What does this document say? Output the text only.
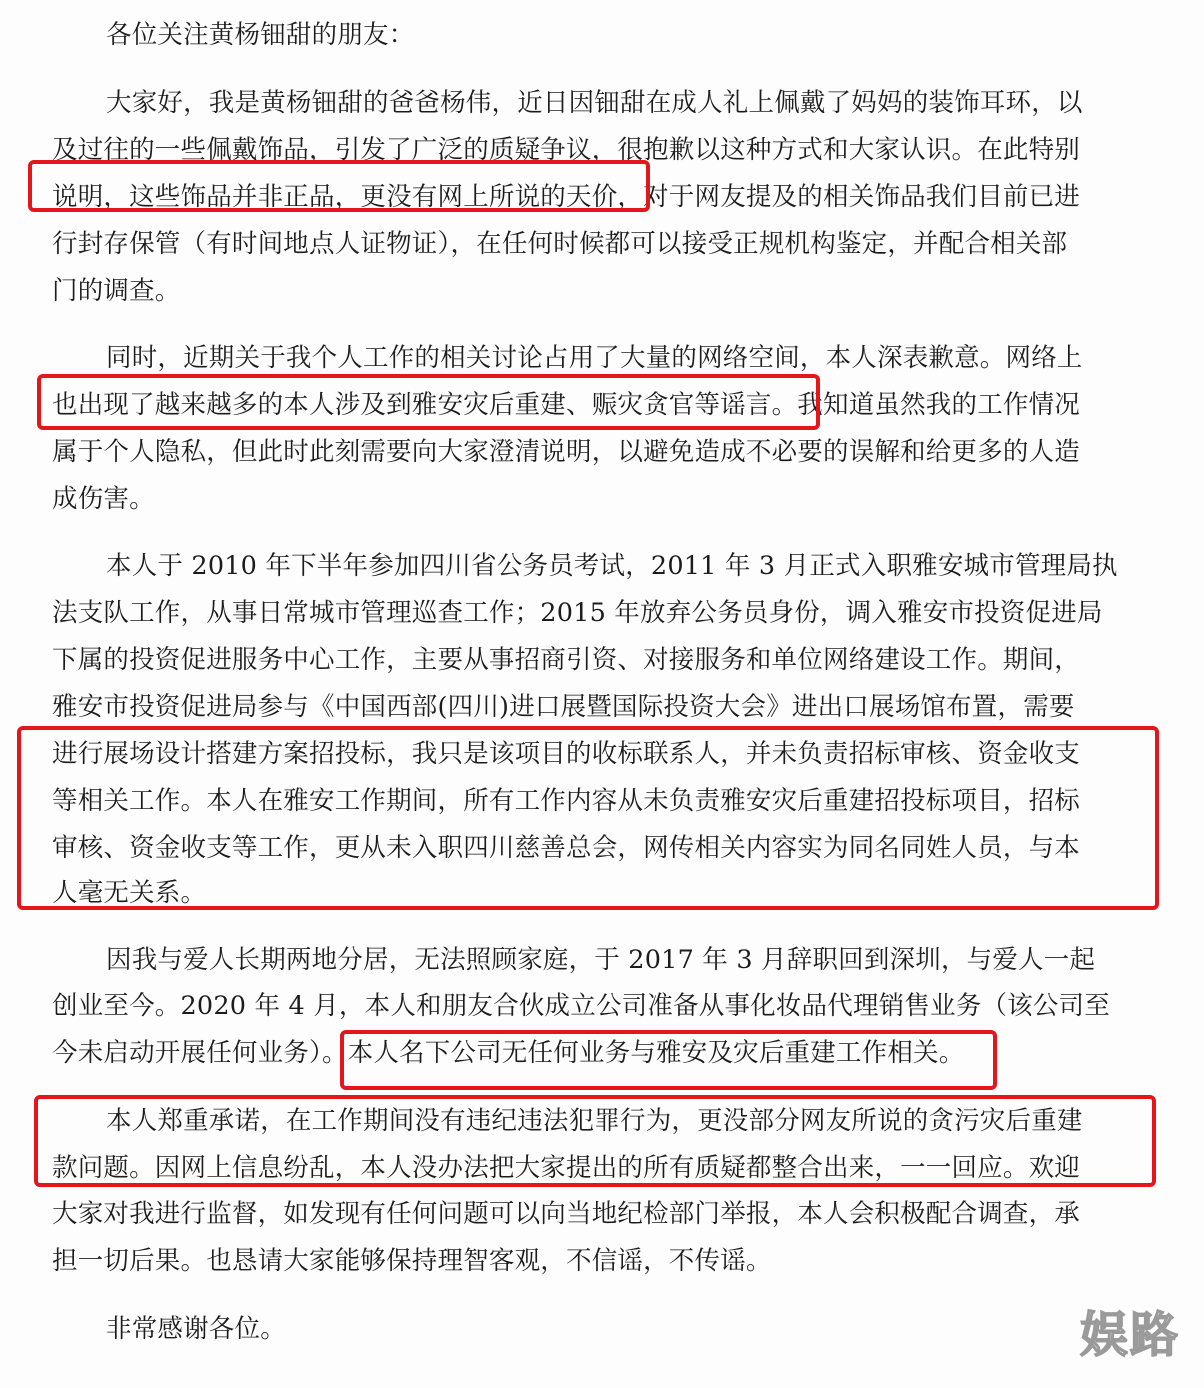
各位关注黄杨钿甜的朋友：
大家好，我是黄杨钿甜的爸爸杨伟，近日因钿甜在成人礼上佩戴了妈妈的装饰耳环，以
及过往的一些佩戴饰品，引发了广泛的质疑争议，很抱歉以这种方式和大家认识。在此特别
说明，这些饰品并非正品，更没有网上所说的天价，对于网友提及的相关饰品我们目前已进
行封存保管（有时间地点人证物证），在任何时候都可以接受正规机构鉴定，并配合相关部
门的调查。
同时，近期关于我个人工作的相关讨论占用了大量的网络空间，本人深表歉意。网络上
也出现了越来越多的本人涉及到雅安灾后重建、赈灾贪官等谣言。我知道虽然我的工作情况
属于个人隐私，但此时此刻需要向大家澄清说明，以避免造成不必要的误解和给更多的人造
成伤害。
本人于 2010 年下半年参加四川省公务员考试，2011 年 3 月正式入职雅安城市管理局执
法支队工作，从事日常城市管理巡查工作；2015 年放弃公务员身份，调入雅安市投资促进局
下属的投资促进服务中心工作，主要从事招商引资、对接服务和单位网络建设工作。期间，
雅安市投资促进局参与《中国西部(四川)进口展暨国际投资大会》进出口展场馆布置，需要
进行展场设计搭建方案招投标，我只是该项目的收标联系人，并未负责招标审核、资金收支
等相关工作。本人在雅安工作期间，所有工作内容从未负责雅安灾后重建招投标项目，招标
审核、资金收支等工作，更从未入职四川慈善总会，网传相关内容实为同名同姓人员，与本
人毫无关系。
因我与爱人长期两地分居，无法照顾家庭，于 2017 年 3 月辞职回到深圳，与爱人一起
创业至今。2020 年 4 月，本人和朋友合伙成立公司准备从事化妆品代理销售业务（该公司至
今未启动开展任何业务）。本人名下公司无任何业务与雅安及灾后重建工作相关。
本人郑重承诺，在工作期间没有违纪违法犯罪行为，更没部分网友所说的贪污灾后重建
款问题。因网上信息纷乱，本人没办法把大家提出的所有质疑都整合出来，一一回应。欢迎
大家对我进行监督，如发现有任何问题可以向当地纪检部门举报，本人会积极配合调查，承
担一切后果。也恳请大家能够保持理智客观，不信谣，不传谣。
非常感谢各位。	娱路
